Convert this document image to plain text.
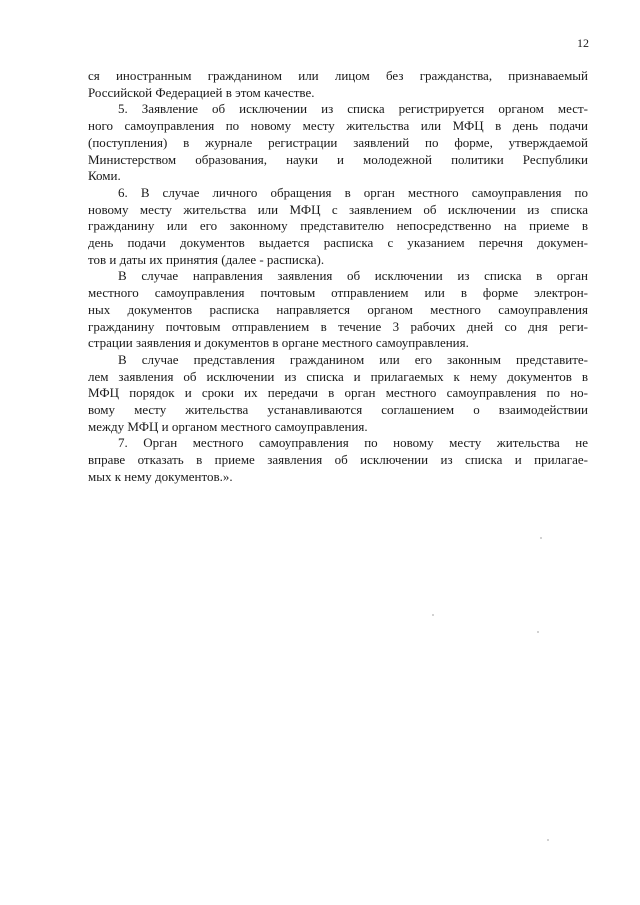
12
ся иностранным гражданином или лицом без гражданства, признаваемый
Российской Федерацией в этом качестве.
5. Заявление об исключении из списка регистрируется органом мест-
ного самоуправления по новому месту жительства или МФЦ в день подачи
(поступления) в журнале регистрации заявлений по форме, утверждаемой
Министерством образования, науки и молодежной политики Республики
Коми.
6. В случае личного обращения в орган местного самоуправления по
новому месту жительства или МФЦ с заявлением об исключении из списка
гражданину или его законному представителю непосредственно на приеме в
день подачи документов выдается расписка с указанием перечня докумен-
тов и даты их принятия (далее - расписка).
В случае направления заявления об исключении из списка в орган
местного самоуправления почтовым отправлением или в форме электрон-
ных документов расписка направляется органом местного самоуправления
гражданину почтовым отправлением в течение 3 рабочих дней со дня реги-
страции заявления и документов в органе местного самоуправления.
В случае представления гражданином или его законным представите-
лем заявления об исключении из списка и прилагаемых к нему документов в
МФЦ порядок и сроки их передачи в орган местного самоуправления по но-
вому месту жительства устанавливаются соглашением о взаимодействии
между МФЦ и органом местного самоуправления.
7. Орган местного самоуправления по новому месту жительства не
вправе отказать в приеме заявления об исключении из списка и прилагае-
мых к нему документов.».
